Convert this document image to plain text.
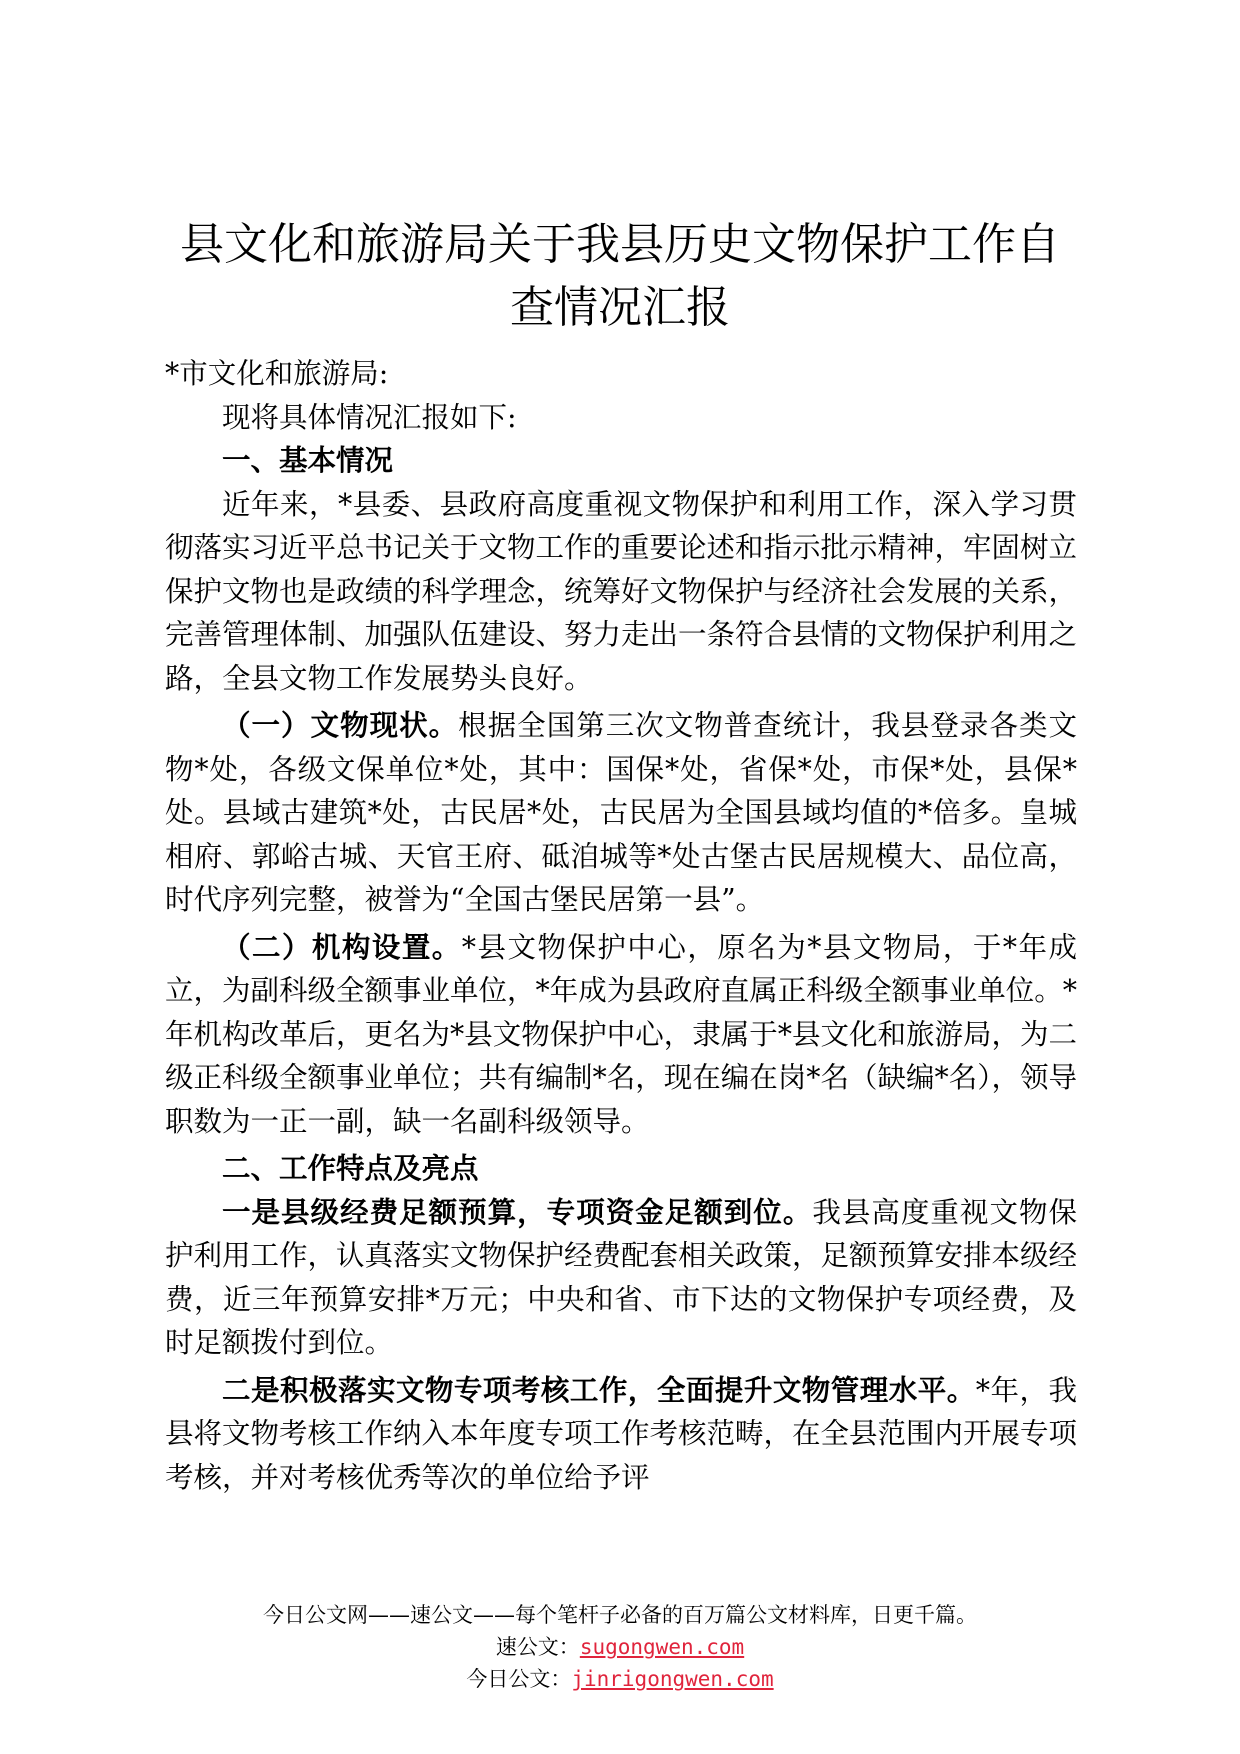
县文化和旅游局关于我县历史文物保护工作自
查情况汇报

*市文化和旅游局:

现将具体情况汇报如下:

一、基本情况

近年来，*县委、县政府高度重视文物保护和利用工作，深入学习贯彻落实习近平总书记关于文物工作的重要论述和指示批示精神，牢固树立保护文物也是政绩的科学理念，统筹好文物保护与经济社会发展的关系，完善管理体制、加强队伍建设、努力走出一条符合县情的文物保护利用之路，全县文物工作发展势头良好。

（一）文物现状。根据全国第三次文物普查统计，我县登录各类文物*处，各级文保单位*处，其中：国保*处，省保*处，市保*处，县保*处。县域古建筑*处，古民居*处，古民居为全国县域均值的*倍多。皇城相府、郭峪古城、天官王府、砥洎城等*处古堡古民居规模大、品位高，时代序列完整，被誉为“全国古堡民居第一县”。

（二）机构设置。*县文物保护中心，原名为*县文物局，于*年成立，为副科级全额事业单位，*年成为县政府直属正科级全额事业单位。*年机构改革后，更名为*县文物保护中心，隶属于*县文化和旅游局，为二级正科级全额事业单位；共有编制*名，现在编在岗*名（缺编*名），领导职数为一正一副，缺一名副科级领导。

二、工作特点及亮点

一是县级经费足额预算，专项资金足额到位。我县高度重视文物保护利用工作，认真落实文物保护经费配套相关政策，足额预算安排本级经费，近三年预算安排*万元；中央和省、市下达的文物保护专项经费，及时足额拨付到位。

二是积极落实文物专项考核工作，全面提升文物管理水平。*年，我县将文物考核工作纳入本年度专项工作考核范畴，在全县范围内开展专项考核，并对考核优秀等次的单位给予评

今日公文网——速公文——每个笔杆子必备的百万篇公文材料库，日更千篇。
速公文：sugongwen.com
今日公文：jinrigongwen.com
